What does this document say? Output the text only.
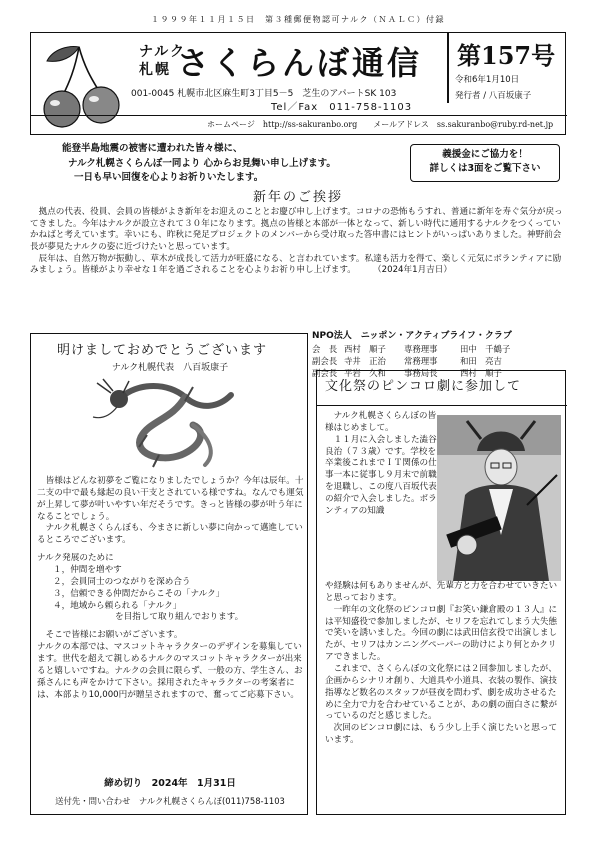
１９９９年１１月１５日　第３種郵便物認可ナルク（ＮＡＬＣ）付録
ナルク
札幌 さくらんぼ通信 第157号
令和6年1月10日
発行者 / 八百坂康子
001-0045 札幌市北区麻生町3丁目5－5　芝生のアパートSK 103
Tel／Fax　011-758-1103
ホームページ　http://ss-sakuranbo.org　　メールアドレス　ss.sakuranbo@ruby.rd-net.jp
能登半島地震の被害に遭われた皆々様に、
ナルク札幌さくらんぼ一同より 心からお見舞い申し上げます。
一日も早い回復を心よりお祈りいたします。
義援金にご協力を！
詳しくは3面をご覧下さい
新年のご挨拶

拠点の代表、役員、会員の皆様がよき新年をお迎えのこととお慶び申し上げます。コロナの恐怖もうすれ、普通に新年を寿ぐ気分が戻ってきました。今年はナルクが設立されて３０年になります。拠点の皆様と本部が一体となって、新しい時代に通用するナルクをつくっていかねばと考えています。幸いにも、昨秋に発足プロジェクトのメンバーから受け取った答申書にはヒントがいっぱいありました。神野前会長が夢見たナルクの姿に近づけたいと思っています。

辰年は、自然万物が振動し、草木が成長して活力が旺盛になる、と言われています。私達も活力を得て、楽しく元気にボランティアに励みましょう。皆様がより幸せな１年を過ごされることを心よりお祈り申し上げます。　　　（2024年1月吉日）

NPO法人　ニッポン・アクティブライフ・クラブ
会　長 西村　順子	専務理事	田中　千鶴子
副会長 寺井　正治	常務理事	和田　亮吉
副会長 平岩　久和	事務局長	西村　順子
明けましておめでとうございます
ナルク札幌代表　八百坂康子

皆様はどんな初夢をご覧になりましたでしょうか？今年は辰年。十二支の中で最も縁起の良い干支とされている様ですね。なんでも運気が上昇して夢が叶いやすい年だそうです。きっと皆様の夢が叶う年になることでしょう。

ナルク札幌さくらんぼも、今まさに新しい夢に向かって邁進しているところでございます。

ナルク発展のために

１，仲間を増やす
２，会員同士のつながりを深め合う
３，信頼できる仲間だからこその「ナルク」
４，地域から頼られる「ナルク」

を目指して取り組んでおります。

そこで皆様にお願いがございます。

ナルクの本部では、マスコットキャラクターのデザインを募集しています。世代を超えて親しめるナルクのマスコットキャラクターが出来ると嬉しいですね。ナルクの会員に限らず、一般の方、学生さん、お孫さんにも声をかけて下さい。採用されたキャラクターの考案者には、本部より10,000円が贈呈されますので、奮ってご応募下さい。

締め切り　2024年　1月31日
送付先・問い合わせ　ナルク札幌さくらんぼ(011)758-1103
文化祭のピンコロ劇に参加して

ナルク札幌さくらんぼの皆様はじめまして。

１１月に入会しました澁谷良治（７３歳）です。学校を卒業後これまでＩＴ関係の仕事一本に従事し９月末で前職を退職し、この度八百坂代表の紹介で入会しました。ボランティアの知識

や経験は何もありませんが、先輩方と力を合わせていきたいと思っております。

一昨年の文化祭のピンコロ劇『お笑い鎌倉殿の１３人』には平知盛役で参加しましたが、セリフを忘れてしまう大失態で笑いを誘いました。今回の劇には武田信玄役で出演しましたが、セリフはカンニングペーパーの助けにより何とかクリアできました。

これまで、さくらんぼの文化祭には２回参加しましたが、企画からシナリオ創り、大道具や小道具、衣装の製作、演技指導など数名のスタッフが昼夜を問わず、劇を成功させるために全力で力を合わせていることが、あの劇の面白さに繋がっているのだと感じました。

次回のピンコロ劇には、もう少し上手く演じたいと思っています。
